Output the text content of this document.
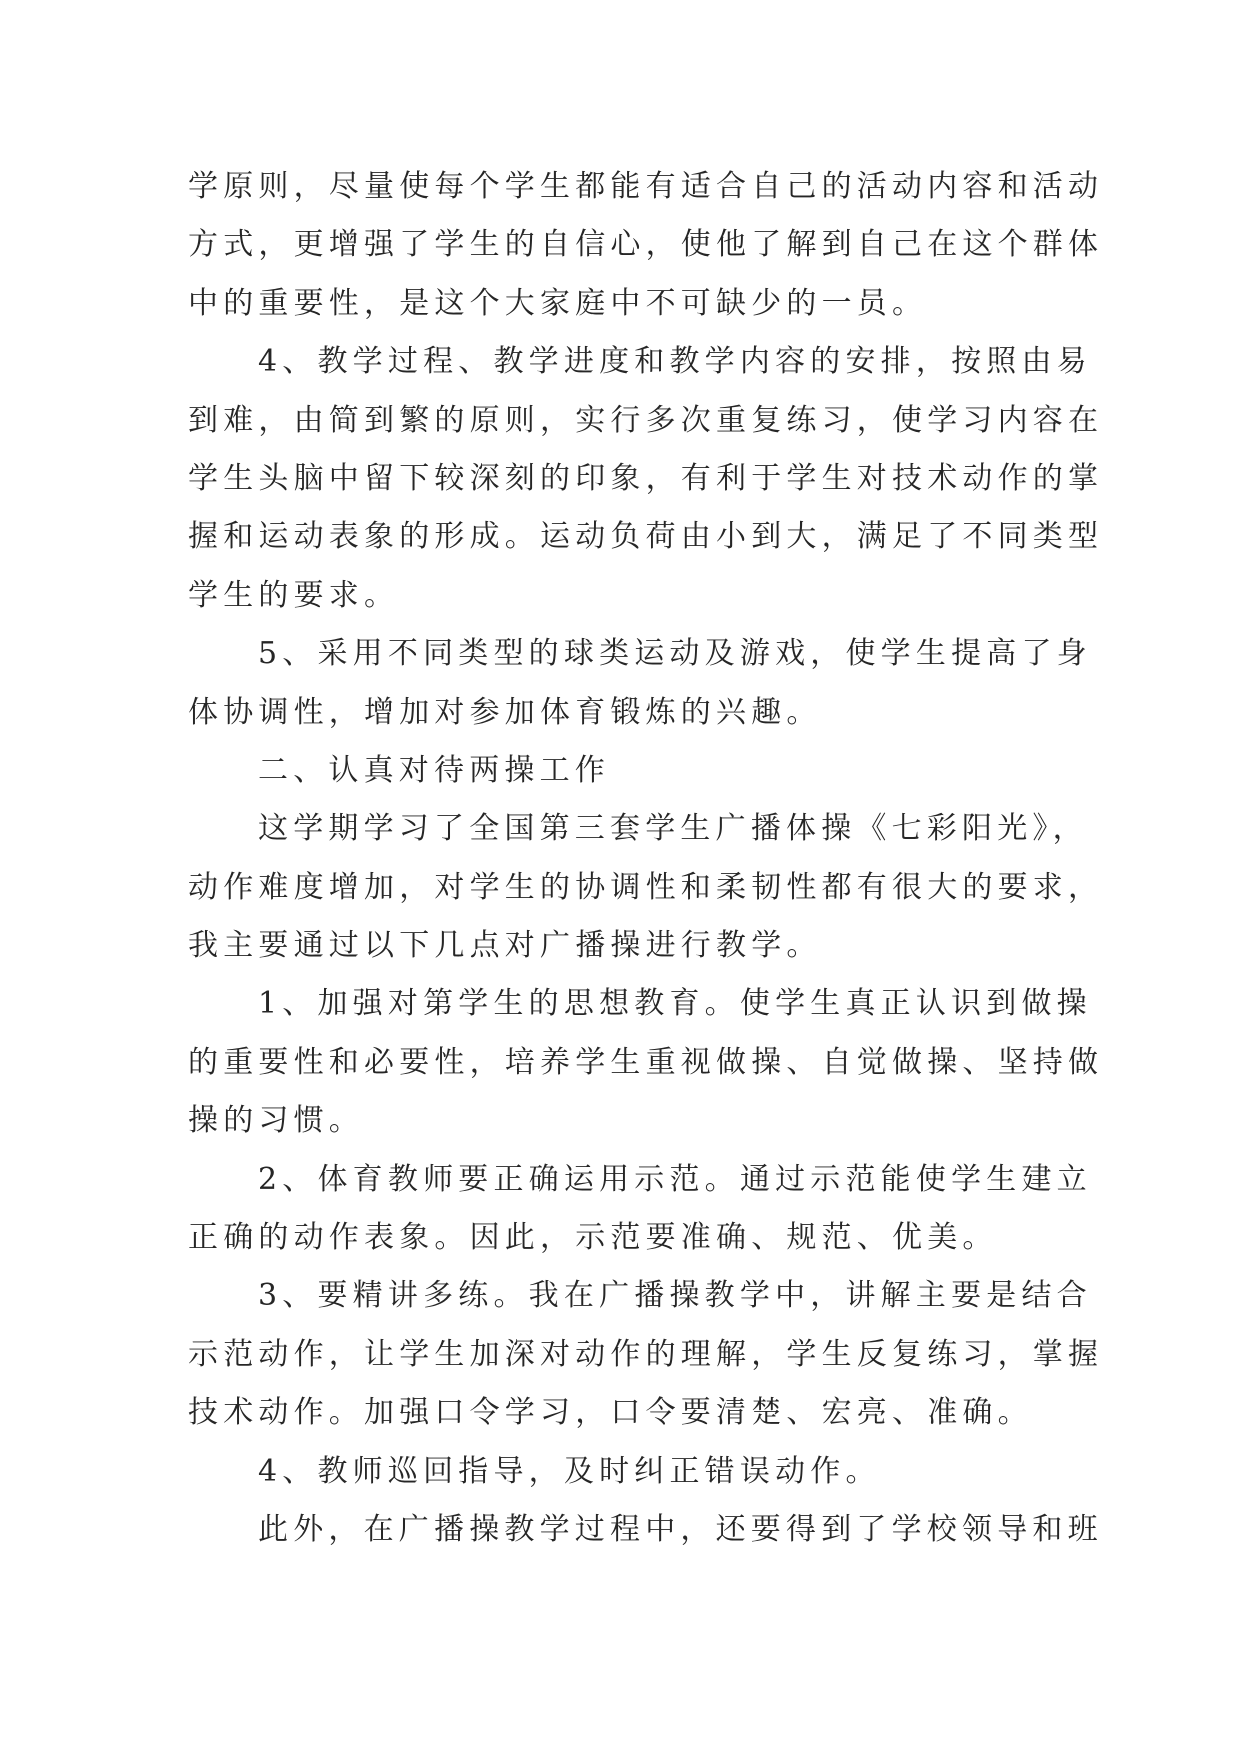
学原则，尽量使每个学生都能有适合自己的活动内容和活动
方式，更增强了学生的自信心，使他了解到自己在这个群体
中的重要性，是这个大家庭中不可缺少的一员。
4、教学过程、教学进度和教学内容的安排，按照由易
到难，由简到繁的原则，实行多次重复练习，使学习内容在
学生头脑中留下较深刻的印象，有利于学生对技术动作的掌
握和运动表象的形成。运动负荷由小到大，满足了不同类型
学生的要求。
5、采用不同类型的球类运动及游戏，使学生提高了身
体协调性，增加对参加体育锻炼的兴趣。
二、认真对待两操工作
这学期学习了全国第三套学生广播体操《七彩阳光》，
动作难度增加，对学生的协调性和柔韧性都有很大的要求，
我主要通过以下几点对广播操进行教学。
1、加强对第学生的思想教育。使学生真正认识到做操
的重要性和必要性，培养学生重视做操、自觉做操、坚持做
操的习惯。
2、体育教师要正确运用示范。通过示范能使学生建立
正确的动作表象。因此，示范要准确、规范、优美。
3、要精讲多练。我在广播操教学中，讲解主要是结合
示范动作，让学生加深对动作的理解，学生反复练习，掌握
技术动作。加强口令学习，口令要清楚、宏亮、准确。
4、教师巡回指导，及时纠正错误动作。
此外，在广播操教学过程中，还要得到了学校领导和班
